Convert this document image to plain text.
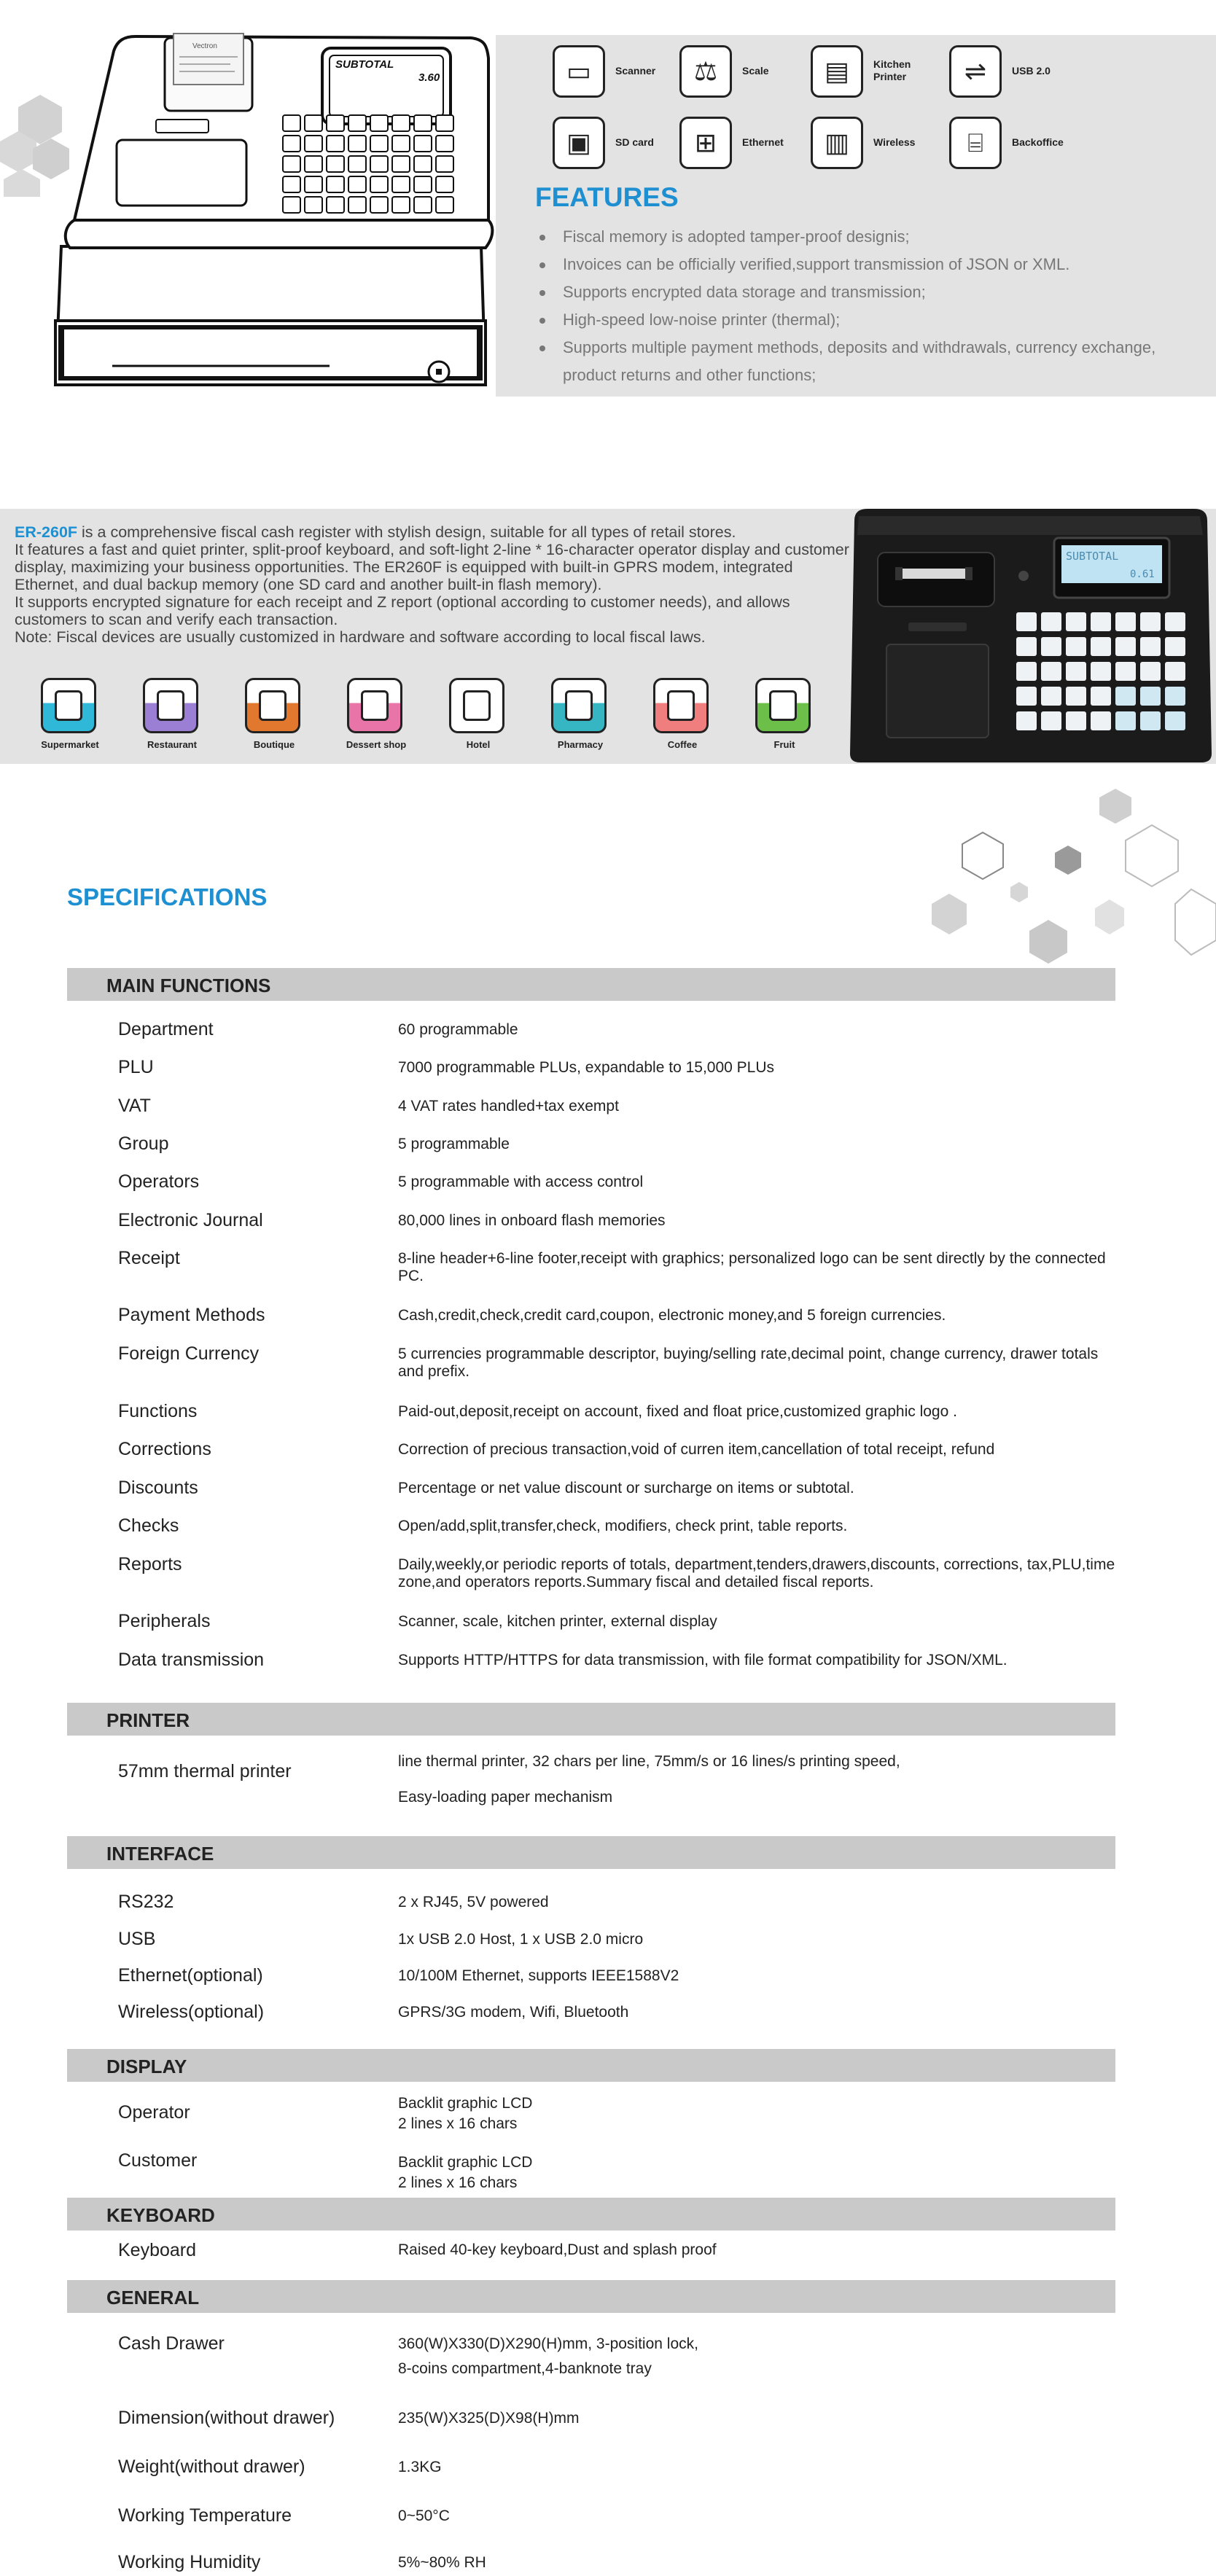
Vectron
SUBTOTAL
3.60	▭	Scanner	⚖	Scale	▤	Kitchen Printer	⇌	USB 2.0
▣	SD card	⊞	Ethernet	▥	Wireless	⌸	Backoffice
FEATURES
Fiscal memory is adopted tamper-proof designis;
Invoices can be officially verified,support transmission of JSON or XML.
Supports encrypted data storage and transmission;
High-speed low-noise printer (thermal);
Supports multiple payment methods, deposits and withdrawals, currency exchange, product returns and other functions;
ER-260F is a comprehensive fiscal cash register with stylish design, suitable for all types of retail stores.
It features a fast and quiet printer, split-proof keyboard, and soft-light 2-line * 16-character operator display and customer display, maximizing your business opportunities. The ER260F is equipped with built-in GPRS modem, integrated Ethernet, and dual backup memory (one SD card and another built-in flash memory).
It supports encrypted signature for each receipt and Z report (optional according to customer needs), and allows customers to scan and verify each transaction.
Note: Fiscal devices are usually customized in hardware and software according to local fiscal laws.
Supermarket	Restaurant	Boutique	Dessert shop	Hotel	Pharmacy	Coffee	Fruit
SUBTOTAL
0.61
SPECIFICATIONS
MAIN FUNCTIONS
Department	60 programmable
PLU	7000 programmable PLUs, expandable to 15,000 PLUs
VAT	4 VAT rates handled+tax exempt
Group	5 programmable
Operators	5 programmable with access control
Electronic Journal	80,000 lines in onboard flash memories
Receipt	8-line header+6-line footer,receipt with graphics; personalized logo can be sent directly by the connected PC.
Payment Methods	Cash,credit,check,credit card,coupon, electronic money,and 5 foreign currencies.
Foreign Currency	5 currencies programmable descriptor, buying/selling rate,decimal point, change currency, drawer totals and prefix.
Functions	Paid-out,deposit,receipt on account, fixed and float price,customized graphic logo .
Corrections	Correction of precious transaction,void of curren item,cancellation of total receipt, refund
Discounts	Percentage or net value discount or surcharge on items or subtotal.
Checks	Open/add,split,transfer,check, modifiers, check print, table reports.
Reports	Daily,weekly,or periodic reports of totals, department,tenders,drawers,discounts, corrections, tax,PLU,time zone,and operators reports.Summary fiscal and detailed fiscal reports.
Peripherals	Scanner, scale, kitchen printer, external display
Data transmission	Supports HTTP/HTTPS for data transmission, with file format compatibility for JSON/XML.
PRINTER
57mm thermal printer	line thermal printer, 32 chars per line, 75mm/s or 16 lines/s printing speed,
Easy-loading paper mechanism
INTERFACE
RS232	2 x RJ45, 5V powered
USB	1x USB 2.0 Host, 1 x USB 2.0 micro
Ethernet(optional)	10/100M Ethernet, supports IEEE1588V2
Wireless(optional)	GPRS/3G modem, Wifi, Bluetooth
DISPLAY
Operator	Backlit graphic LCD
2 lines x 16 chars
Customer	Backlit graphic LCD
2 lines x 16 chars
KEYBOARD
Keyboard	Raised 40-key keyboard,Dust and splash proof
GENERAL
Cash Drawer	360(W)X330(D)X290(H)mm, 3-position lock,
8-coins compartment,4-banknote tray
Dimension(without drawer)	235(W)X325(D)X98(H)mm
Weight(without drawer)	1.3KG
Working Temperature	0~50°C
Working Humidity	5%~80% RH
